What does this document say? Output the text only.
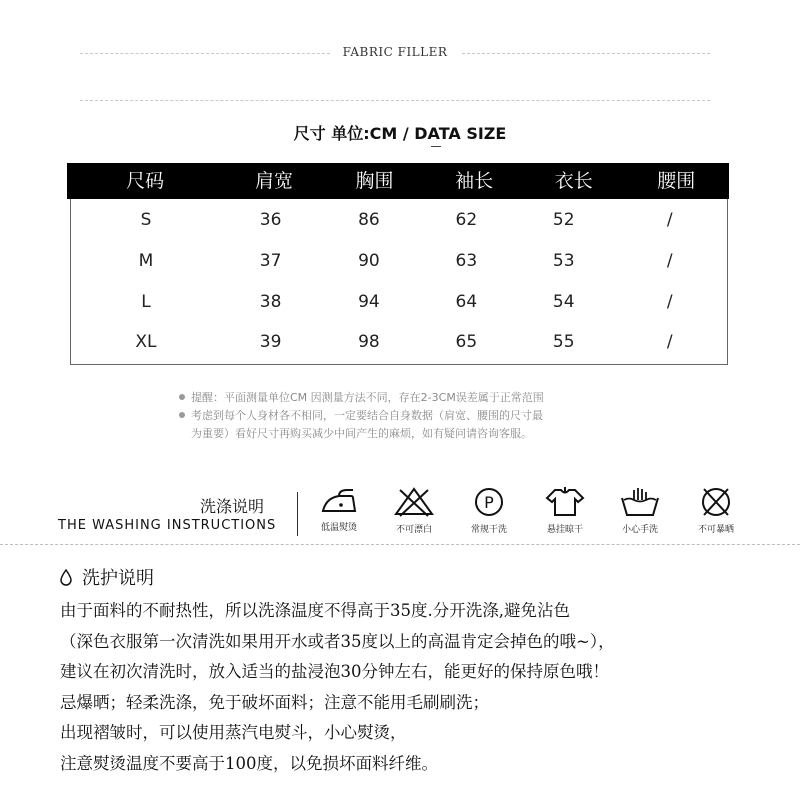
FABRIC FILLER
尺寸 单位:CM / DATA SIZE
尺码	肩宽	胸围	袖长	衣长	腰围
S	36	86	62	52	/
M	37	90	63	53	/
L	38	94	64	54	/
XL	39	98	65	55	/
提醒：平面测量单位CM 因测量方法不同，存在2-3CM误差属于正常范围
考虑到每个人身材各不相同，一定要结合自身数据（肩宽、腰围的尺寸最
为重要）看好尺寸再购买减少中间产生的麻烦，如有疑问请咨询客服。
洗涤说明
THE WASHING INSTRUCTIONS	低温熨烫	不可漂白
P
常规干洗	悬挂晾干	小心手洗	不可暴晒
洗护说明
由于面料的不耐热性，所以洗涤温度不得高于35度.分开洗涤,避免沾色
（深色衣服第一次清洗如果用开水或者35度以上的高温肯定会掉色的哦~），
建议在初次清洗时，放入适当的盐浸泡30分钟左右，能更好的保持原色哦！
忌爆晒；轻柔洗涤，免于破坏面料；注意不能用毛刷刷洗；
出现褶皱时，可以使用蒸汽电熨斗，小心熨烫，
注意熨烫温度不要高于100度，以免损坏面料纤维。
